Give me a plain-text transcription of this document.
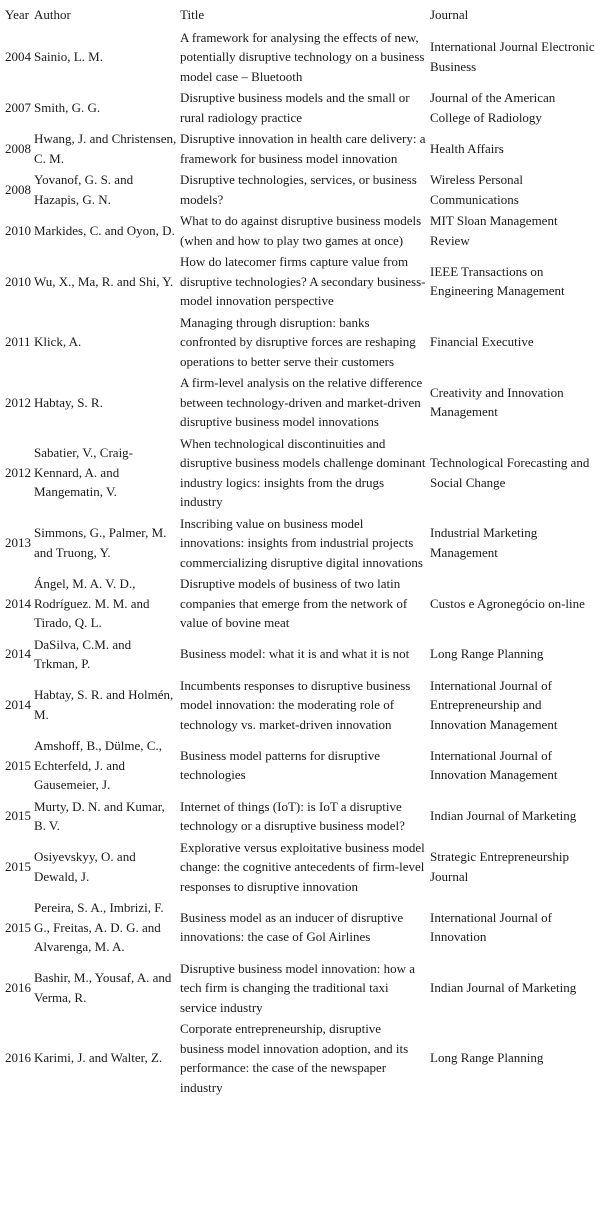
Year	Author	Title	Journal
2004	Sainio, L. M.	A framework for analysing the effects of new, potentially disruptive technology on a business model case – Bluetooth	International Journal Electronic Business
2007	Smith, G. G.	Disruptive business models and the small or rural radiology practice	Journal of the American College of Radiology
2008	Hwang, J. and Christensen, C. M.	Disruptive innovation in health care delivery: a framework for business model innovation	Health Affairs
2008	Yovanof, G. S. and Hazapis, G. N.	Disruptive technologies, services, or business models?	Wireless Personal Communications
2010	Markides, C. and Oyon, D.	What to do against disruptive business models (when and how to play two games at once)	MIT Sloan Management Review
2010	Wu, X., Ma, R. and Shi, Y.	How do latecomer firms capture value from disruptive technologies? A secondary business-model innovation perspective	IEEE Transactions on Engineering Management
2011	Klick, A.	Managing through disruption: banks confronted by disruptive forces are reshaping operations to better serve their customers	Financial Executive
2012	Habtay, S. R.	A firm-level analysis on the relative difference between technology-driven and market-driven disruptive business model innovations	Creativity and Innovation Management
2012	Sabatier, V., Craig-Kennard, A. and Mangematin, V.	When technological discontinuities and disruptive business models challenge dominant industry logics: insights from the drugs industry	Technological Forecasting and Social Change
2013	Simmons, G., Palmer, M. and Truong, Y.	Inscribing value on business model innovations: insights from industrial projects commercializing disruptive digital innovations	Industrial Marketing Management
2014	Ángel, M. A. V. D., Rodríguez. M. M. and Tirado, Q. L.	Disruptive models of business of two latin companies that emerge from the network of value of bovine meat	Custos e Agronegócio on-line
2014	DaSilva, C.M. and Trkman, P.	Business model: what it is and what it is not	Long Range Planning
2014	Habtay, S. R. and Holmén, M.	Incumbents responses to disruptive business model innovation: the moderating role of technology vs. market-driven innovation	International Journal of Entrepreneurship and Innovation Management
2015	Amshoff, B., Dülme, C., Echterfeld, J. and Gausemeier, J.	Business model patterns for disruptive technologies	International Journal of Innovation Management
2015	Murty, D. N. and Kumar, B. V.	Internet of things (IoT): is IoT a disruptive technology or a disruptive business model?	Indian Journal of Marketing
2015	Osiyevskyy, O. and Dewald, J.	Explorative versus exploitative business model change: the cognitive antecedents of firm-level responses to disruptive innovation	Strategic Entrepreneurship Journal
2015	Pereira, S. A., Imbrizi, F. G., Freitas, A. D. G. and Alvarenga, M. A.	Business model as an inducer of disruptive innovations: the case of Gol Airlines	International Journal of Innovation
2016	Bashir, M., Yousaf, A. and Verma, R.	Disruptive business model innovation: how a tech firm is changing the traditional taxi service industry	Indian Journal of Marketing
2016	Karimi, J. and Walter, Z.	Corporate entrepreneurship, disruptive business model innovation adoption, and its performance: the case of the newspaper industry	Long Range Planning
